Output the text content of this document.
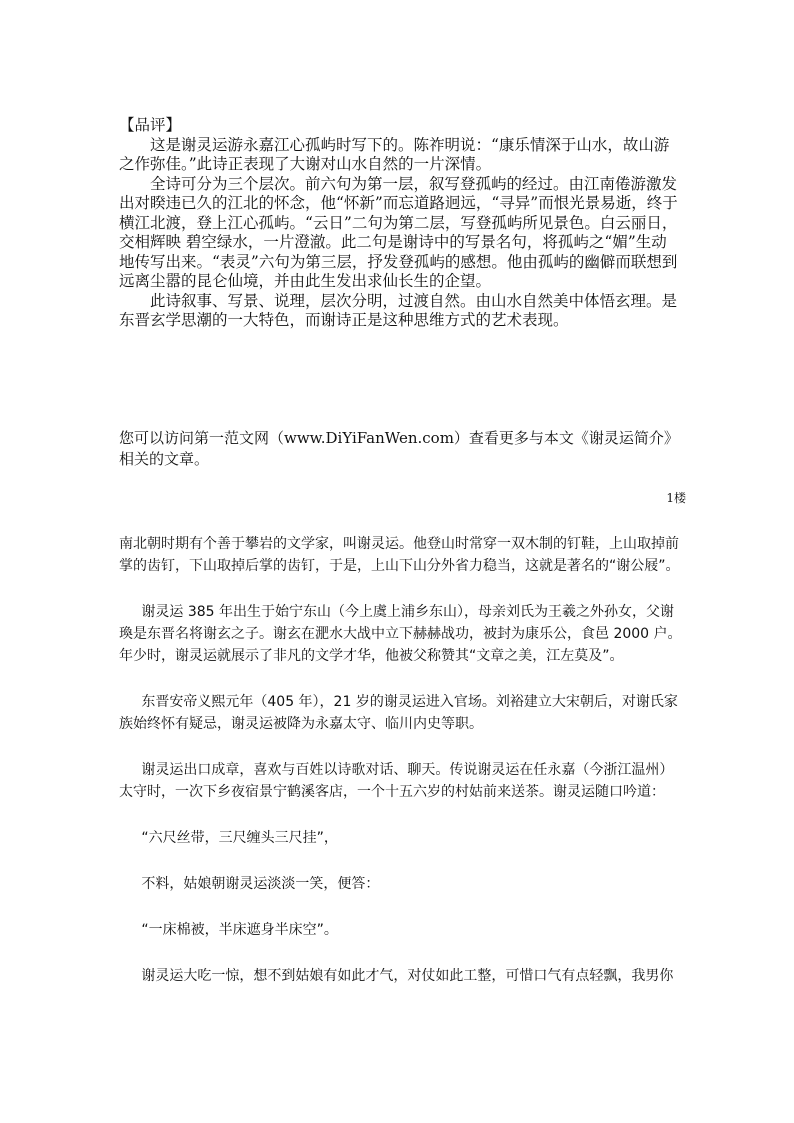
【品评】

这是谢灵运游永嘉江心孤屿时写下的。陈祚明说：“康乐情深于山水，故山游之作弥佳。”此诗正表现了大谢对山水自然的一片深情。

全诗可分为三个层次。前六句为第一层，叙写登孤屿的经过。由江南倦游激发出对睽违已久的江北的怀念，他“怀新”而忘道路迥远，“寻异”而恨光景易逝，终于横江北渡，登上江心孤屿。“云日”二句为第二层，写登孤屿所见景色。白云丽日，交相辉映 碧空绿水，一片澄澈。此二句是谢诗中的写景名句，将孤屿之“媚”生动地传写出来。“表灵”六句为第三层，抒发登孤屿的感想。他由孤屿的幽僻而联想到远离尘嚣的昆仑仙境，并由此生发出求仙长生的企望。

此诗叙事、写景、说理，层次分明，过渡自然。由山水自然美中体悟玄理。是东晋玄学思潮的一大特色，而谢诗正是这种思维方式的艺术表现。

您可以访问第一范文网（www.DiYiFanWen.com）查看更多与本文《谢灵运简介》相关的文章。

1楼

南北朝时期有个善于攀岩的文学家，叫谢灵运。他登山时常穿一双木制的钉鞋，上山取掉前掌的齿钉，下山取掉后掌的齿钉，于是，上山下山分外省力稳当，这就是著名的“谢公屐”。

谢灵运 385 年出生于始宁东山（今上虞上浦乡东山），母亲刘氏为王羲之外孙女，父谢瑍是东晋名将谢玄之子。谢玄在淝水大战中立下赫赫战功，被封为康乐公，食邑 2000 户。年少时，谢灵运就展示了非凡的文学才华，他被父称赞其“文章之美，江左莫及”。

东晋安帝义熙元年（405 年），21 岁的谢灵运进入官场。刘裕建立大宋朝后，对谢氏家族始终怀有疑忌，谢灵运被降为永嘉太守、临川内史等职。

谢灵运出口成章，喜欢与百姓以诗歌对话、聊天。传说谢灵运在任永嘉（今浙江温州）太守时，一次下乡夜宿景宁鹤溪客店，一个十五六岁的村姑前来送茶。谢灵运随口吟道：

“六尺丝带，三尺缠头三尺挂”，

不料，姑娘朝谢灵运淡淡一笑，便答：

“一床棉被，半床遮身半床空”。

谢灵运大吃一惊，想不到姑娘有如此才气，对仗如此工整，可惜口气有点轻飘，我男你
